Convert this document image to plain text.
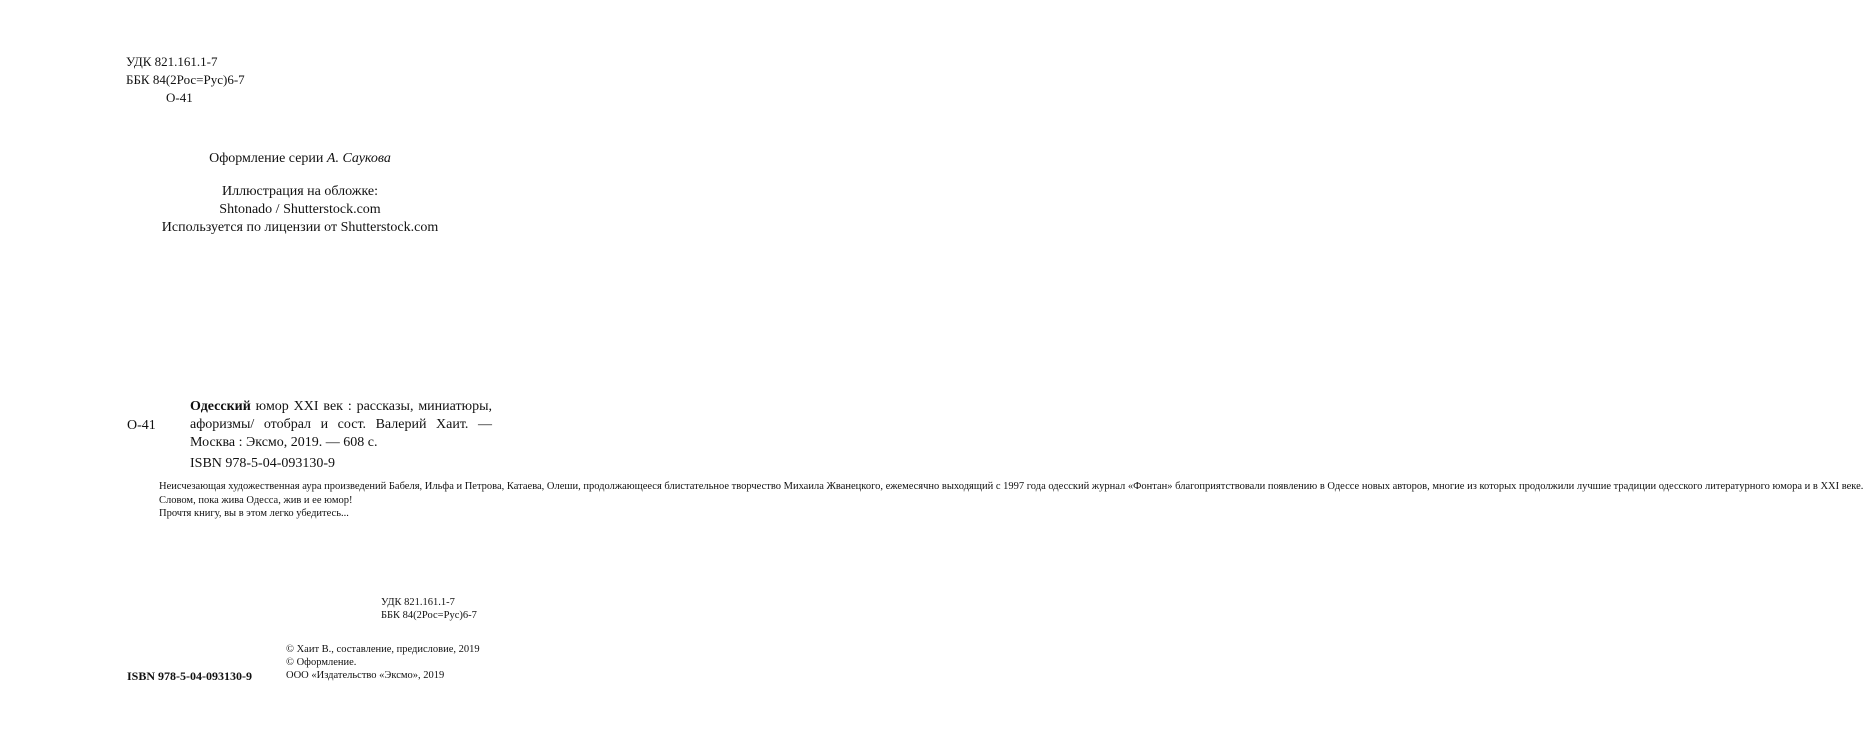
УДК 821.161.1-7
ББК 84(2Рос=Рус)6-7
О-41
Оформление серии А. Саукова
Иллюстрация на обложке:
Shtonado / Shutterstock.com
Используется по лицензии от Shutterstock.com
О-41
Одесский юмор XXI век : рассказы, миниатюры,
афоризмы/ отобрал и сост. Валерий Хаит. —
Москва : Эксмо, 2019. — 608 с.
ISBN 978-5-04-093130-9

Неисчезающая художественная аура произведений Бабеля, Ильфа и Петрова, Катаева, Олеши, продолжающееся блистательное творчество Михаила Жванецкого, ежемесячно выходящий с 1997 года одесский журнал «Фонтан» благоприятствовали появлению в Одессе новых авторов, многие из которых продолжили лучшие традиции одесского литературного юмора и в XXI веке.

Словом, пока жива Одесса, жив и ее юмор!

Прочтя книгу, вы в этом легко убедитесь...

УДК 821.161.1-7
ББК 84(2Рос=Рус)6-7
© Хаит В., составление, предисловие, 2019
© Оформление.
ООО «Издательство «Эксмо», 2019
ISBN 978-5-04-093130-9
